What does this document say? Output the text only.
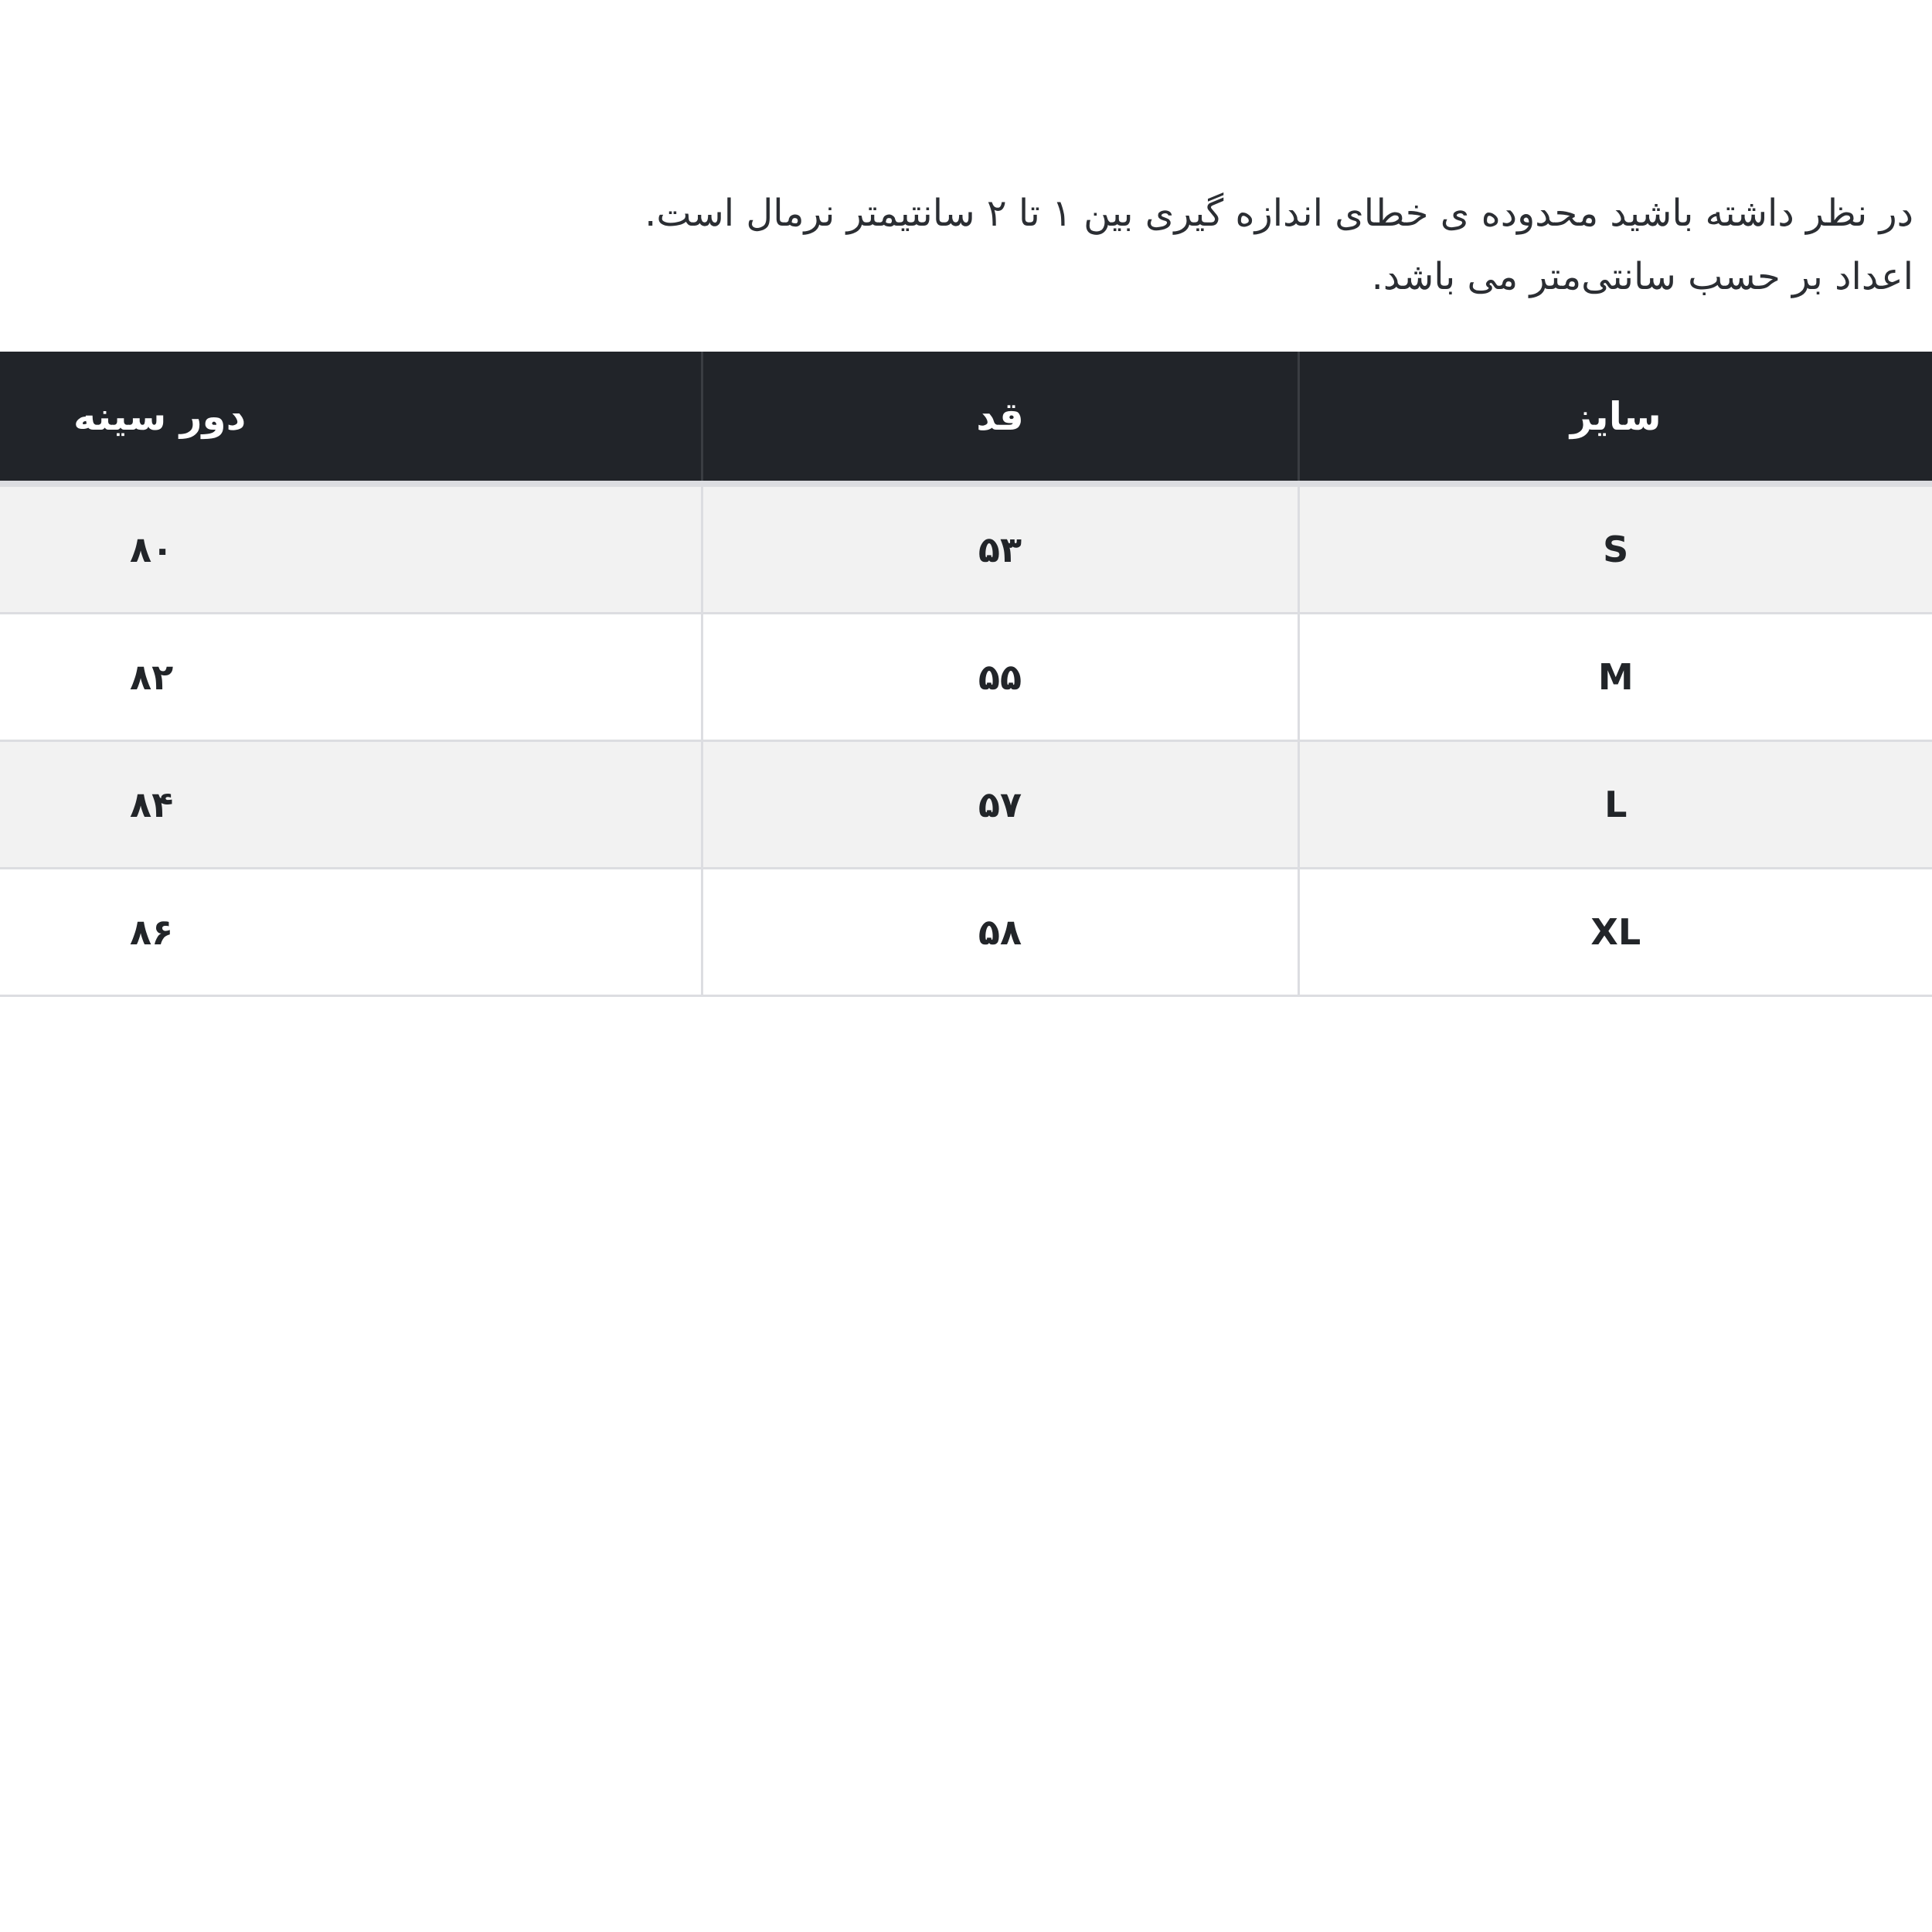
در نظر داشته باشید محدوده ی خطای اندازه گیری بین ۱ تا ۲ سانتیمتر نرمال است.
اعداد بر حسب سانتی‌متر می باشد.
سایز	قد	دور سینه
S	۵۳	۸۰
M	۵۵	۸۲
L	۵۷	۸۴
XL	۵۸	۸۶
